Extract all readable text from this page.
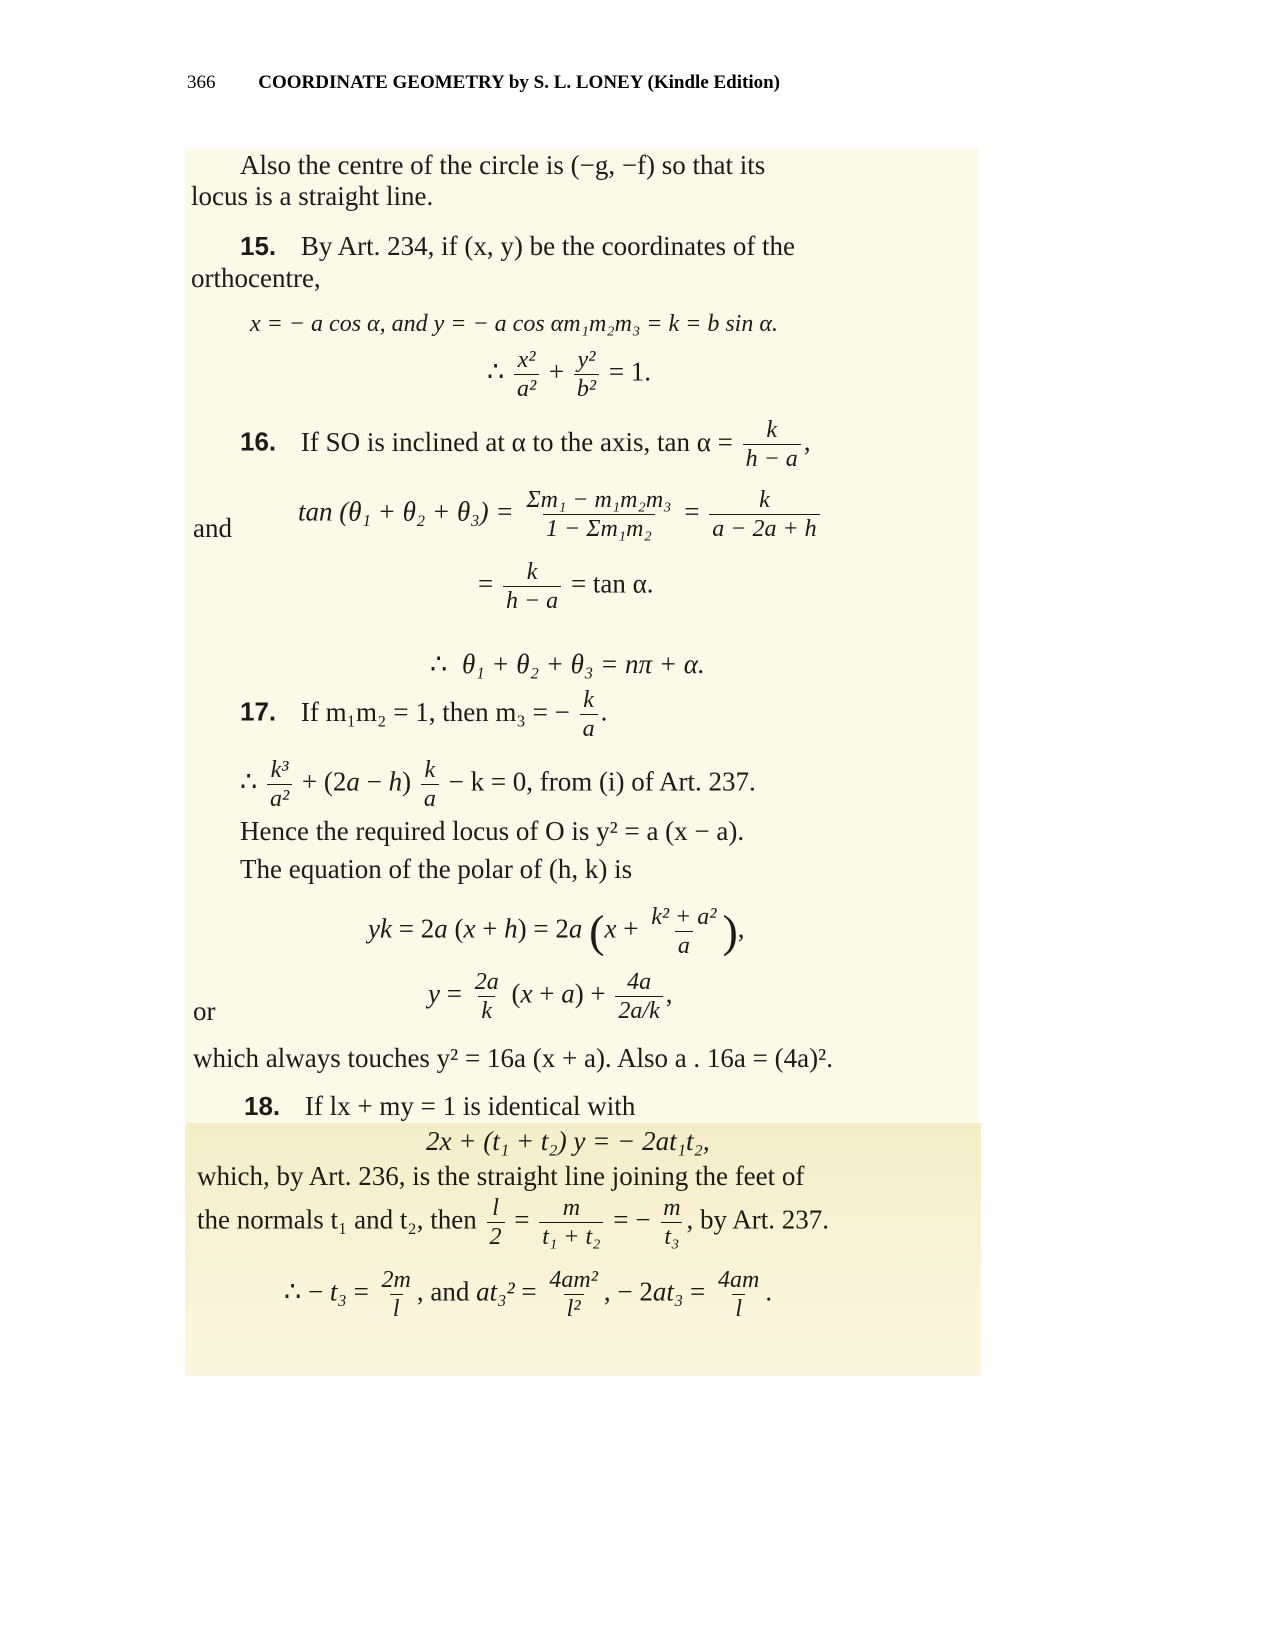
366 COORDINATE GEOMETRY by S. L. LONEY (Kindle Edition)
Also the centre of the circle is (−g, −f) so that its
locus is a straight line.
15. By Art. 234, if (x, y) be the coordinates of the
orthocentre,
x = − a cos α, and y = − a cos αm₁m₂m₃ = k = b sin α.
∴ $\frac{\text{x²}}{\text{a²}} + \frac{\text{y²}}{\text{b²}} = 1$.
16. If SO is inclined at α to the axis, $\tan \alpha = \frac{k}{h - a}$ ,
and
$\tan (\theta_1 + \theta_2 + \theta_3) = \frac{\text{Σm₁ − m₁m₂m₃}}{\text{1 − Σm₁m₂}} = \frac{k}{a - 2a + h}$
= $\frac{k}{h - a} = \tan \alpha$.
∴ θ₁ + θ₂ + θ₃ = nπ + α.
17. If m₁m₂ = 1, then m₃ = − $\frac{k}{a}$ .
∴ $\frac{\text{k³}}{\text{a²}} + (2a - h) \frac{k}{a} - k = 0$, from (i) of Art. 237.
Hence the required locus of O is y² = a (x − a).
The equation of the polar of (h, k) is
yk = 2a (x + h) = 2a ($x + \frac{\text{k² + a²}}{a}$ ),
or
$y = \frac{2a}{k} (x + a) + \frac{4a}{2a/k}$ ,
which always touches y² = 16a (x + a). Also a . 16a = (4a)².
18. If lx + my = 1 is identical with
2x + (t₁ + t₂) y = − 2at₁t₂,
which, by Art. 236, is the straight line joining the feet of
the normals t₁ and t₂, then $\frac{l}{2} = \frac{m}{\text{t₁ + t₂}}$ = − $\frac{m}{\text{t₃}}$ , by Art. 237.
∴ − $t_3 = \frac{2m}{l}$ , and $at_3^2 = \frac{\text{4am²}}{\text{l²}}$ , − $2at_3 = \frac{4am}{l}$ .
